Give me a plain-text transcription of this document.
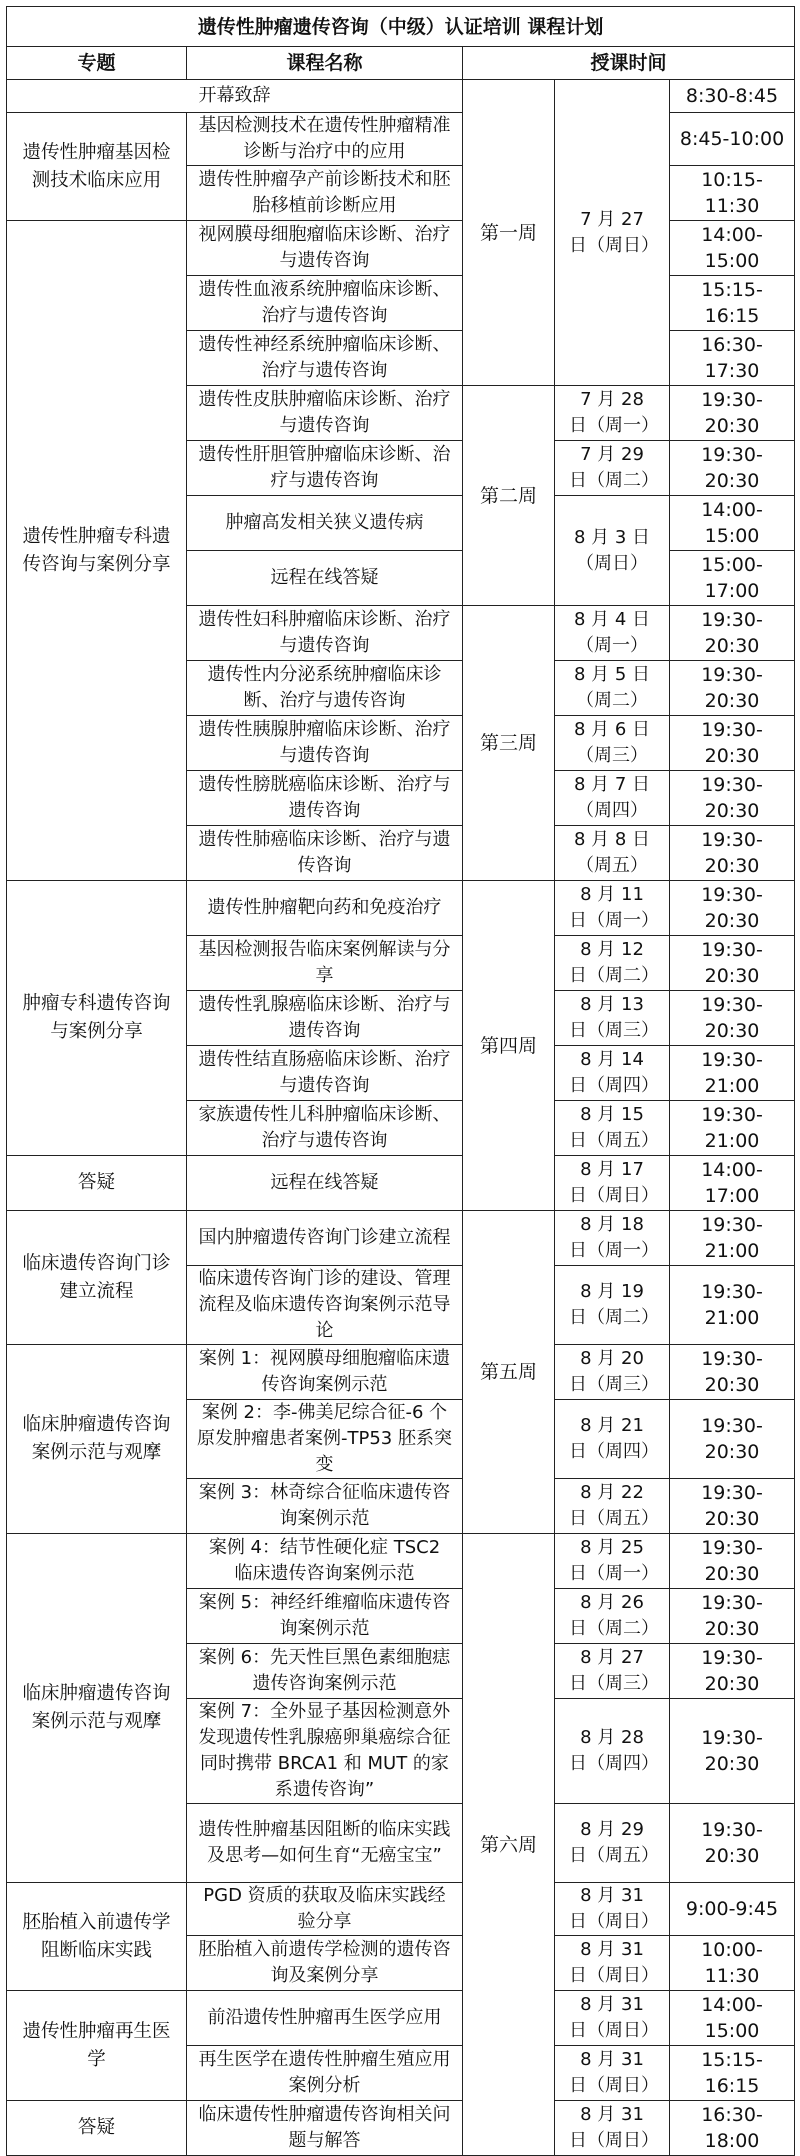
遗传性肿瘤遗传咨询（中级）认证培训 课程计划				
专题	课程名称	授课时间		
开幕致辞		第一周	7 月 27 日（周日）	8:30-8:45
遗传性肿瘤基因检测技术临床应用	基因检测技术在遗传性肿瘤精准诊断与治疗中的应用			8:45-10:00
	遗传性肿瘤孕产前诊断技术和胚胎移植前诊断应用			10:15-11:30
遗传性肿瘤专科遗传咨询与案例分享	视网膜母细胞瘤临床诊断、治疗与遗传咨询			14:00-15:00
	遗传性血液系统肿瘤临床诊断、治疗与遗传咨询			15:15-16:15
	遗传性神经系统肿瘤临床诊断、治疗与遗传咨询			16:30-17:30
	遗传性皮肤肿瘤临床诊断、治疗与遗传咨询	第二周	7 月 28 日（周一）	19:30-20:30
	遗传性肝胆管肿瘤临床诊断、治疗与遗传咨询		7 月 29 日（周二）	19:30-20:30
	肿瘤高发相关狭义遗传病		8 月 3 日（周日）	14:00-15:00
	远程在线答疑			15:00-17:00
	遗传性妇科肿瘤临床诊断、治疗与遗传咨询	第三周	8 月 4 日（周一）	19:30-20:30
	遗传性内分泌系统肿瘤临床诊断、治疗与遗传咨询		8 月 5 日（周二）	19:30-20:30
	遗传性胰腺肿瘤临床诊断、治疗与遗传咨询		8 月 6 日（周三）	19:30-20:30
	遗传性膀胱癌临床诊断、治疗与遗传咨询		8 月 7 日（周四）	19:30-20:30
	遗传性肺癌临床诊断、治疗与遗传咨询		8 月 8 日（周五）	19:30-20:30
肿瘤专科遗传咨询与案例分享	遗传性肿瘤靶向药和免疫治疗	第四周	8 月 11 日（周一）	19:30-20:30
	基因检测报告临床案例解读与分享		8 月 12 日（周二）	19:30-20:30
	遗传性乳腺癌临床诊断、治疗与遗传咨询		8 月 13 日（周三）	19:30-20:30
	遗传性结直肠癌临床诊断、治疗与遗传咨询		8 月 14 日（周四）	19:30-21:00
	家族遗传性儿科肿瘤临床诊断、治疗与遗传咨询		8 月 15 日（周五）	19:30-21:00
答疑	远程在线答疑		8 月 17 日（周日）	14:00-17:00
临床遗传咨询门诊建立流程	国内肿瘤遗传咨询门诊建立流程	第五周	8 月 18 日（周一）	19:30-21:00
	临床遗传咨询门诊的建设、管理流程及临床遗传咨询案例示范导论		8 月 19 日（周二）	19:30-21:00
临床肿瘤遗传咨询案例示范与观摩	案例 1：视网膜母细胞瘤临床遗传咨询案例示范		8 月 20 日（周三）	19:30-20:30
	案例 2：李-佛美尼综合征-6 个原发肿瘤患者案例-TP53 胚系突变		8 月 21 日（周四）	19:30-20:30
	案例 3：林奇综合征临床遗传咨询案例示范		8 月 22 日（周五）	19:30-20:30
临床肿瘤遗传咨询案例示范与观摩	案例 4：结节性硬化症 TSC2 临床遗传咨询案例示范	第六周	8 月 25 日（周一）	19:30-20:30
	案例 5：神经纤维瘤临床遗传咨询案例示范		8 月 26 日（周二）	19:30-20:30
	案例 6：先天性巨黑色素细胞痣遗传咨询案例示范		8 月 27 日（周三）	19:30-20:30
	案例 7：全外显子基因检测意外发现遗传性乳腺癌卵巢癌综合征同时携带 BRCA1 和 MUT 的家系遗传咨询”		8 月 28 日（周四）	19:30-20:30
	遗传性肿瘤基因阻断的临床实践及思考—如何生育“无癌宝宝”		8 月 29 日（周五）	19:30-20:30
胚胎植入前遗传学阻断临床实践	PGD 资质的获取及临床实践经验分享		8 月 31 日（周日）	9:00-9:45
	胚胎植入前遗传学检测的遗传咨询及案例分享		8 月 31 日（周日）	10:00-11:30
遗传性肿瘤再生医学	前沿遗传性肿瘤再生医学应用		8 月 31 日（周日）	14:00-15:00
	再生医学在遗传性肿瘤生殖应用案例分析		8 月 31 日（周日）	15:15-16:15
答疑	临床遗传性肿瘤遗传咨询相关问题与解答		8 月 31 日（周日）	16:30-18:00
